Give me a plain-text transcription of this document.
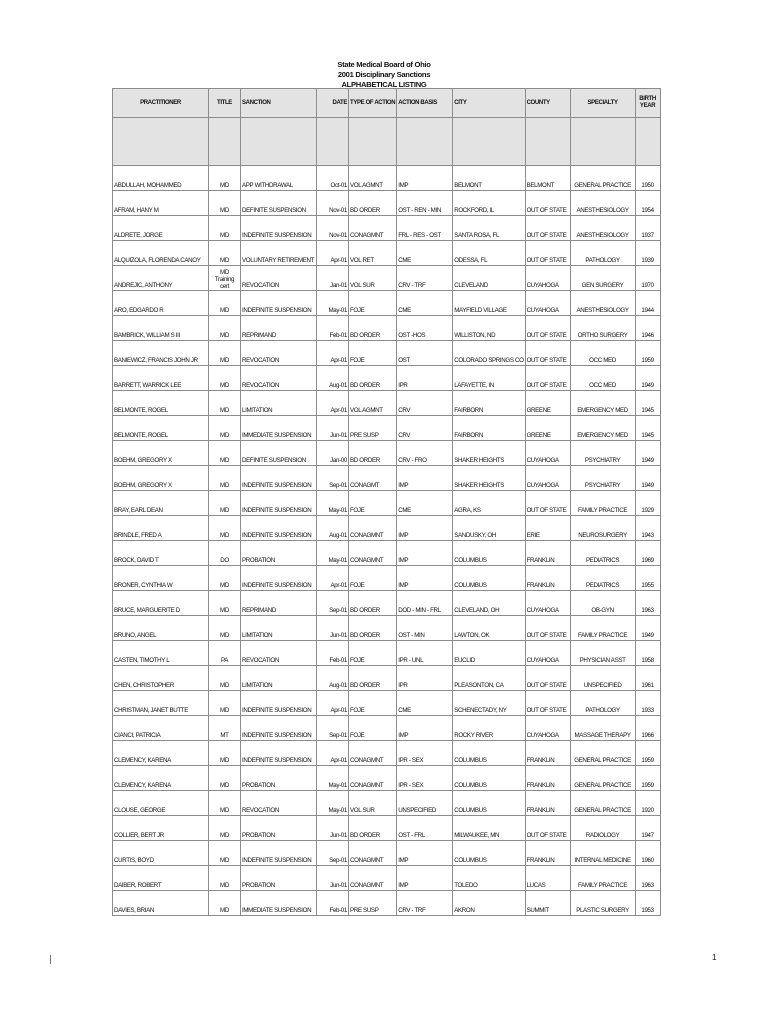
State Medical Board of Ohio
2001 Disciplinary Sanctions
ALPHABETICAL LISTING
PRACTITIONER	TITLE	SANCTION	DATE	TYPE OF ACTION	ACTION BASIS	CITY	COUNTY	SPECIALTY	BIRTH YEAR

ABDULLAH, MOHAMMED	MD	APP WITHDRAWAL	Oct-01	VOL AGMNT	IMP	BELMONT	BELMONT	GENERAL PRACTICE	1950
AFRAM, HANY M	MD	DEFINITE SUSPENSION	Nov-01	BD ORDER	OST - REN - MIN	ROCKFORD, IL	OUT OF STATE	ANESTHESIOLOGY	1954
ALDRETE, JORGE	MD	INDEFINITE SUSPENSION	Nov-01	CONAGMNT	FRL - RES - OST	SANTA ROSA, FL	OUT OF STATE	ANESTHESIOLOGY	1937
ALQUIZOLA, FLORENDA CANOY	MD	VOLUNTARY RETIREMENT	Apr-01	VOL RET	CME	ODESSA, FL	OUT OF STATE	PATHOLOGY	1939
ANDREJIC, ANTHONY	MD Training cert	REVOCATION	Jan-01	VOL SUR	CRV - TRF	CLEVELAND	CUYAHOGA	GEN SURGERY	1970
ARO, EDGARDO R	MD	INDEFINITE SUSPENSION	May-01	FOJE	CME	MAYFIELD VILLAGE	CUYAHOGA	ANESTHESIOLOGY	1944
BAMBRICK, WILLIAM S III	MD	REPRIMAND	Feb-01	BD ORDER	OST -HOS	WILLISTON, ND	OUT OF STATE	ORTHO SURGERY	1946
BANIEWICZ, FRANCIS JOHN JR	MD	REVOCATION	Apr-01	FOJE	OST	COLORADO SPRINGS CO	OUT OF STATE	OCC MED	1959
BARRETT, WARRICK LEE	MD	REVOCATION	Aug-01	BD ORDER	IPR	LAFAYETTE, IN	OUT OF STATE	OCC MED	1949
BELMONTE, ROGEL	MD	LIMITATION	Apr-01	VOL AGMNT	CRV	FAIRBORN	GREENE	EMERGENCY MED	1945
BELMONTE, ROGEL	MD	IMMEDIATE SUSPENSION	Jun-01	PRE SUSP	CRV	FAIRBORN	GREENE	EMERGENCY MED	1945
BOEHM, GREGORY X	MD	DEFINITE SUSPENSION	Jan-00	BD ORDER	CRV - FRO	SHAKER HEIGHTS	CUYAHOGA	PSYCHIATRY	1949
BOEHM, GREGORY X	MD	INDEFINITE SUSPENSION	Sep-01	CONAGMT	IMP	SHAKER HEIGHTS	CUYAHOGA	PSYCHIATRY	1949
BRAY, EARL DEAN	MD	INDEFINITE SUSPENSION	May-01	FOJE	CME	AGRA, KS	OUT OF STATE	FAMILY PRACTICE	1929
BRINDLE, FRED A	MD	INDEFINITE SUSPENSION	Aug-01	CONAGMNT	IMP	SANDUSKY, OH	ERIE	NEUROSURGERY	1943
BROCK, DAVID T	DO	PROBATION	May-01	CONAGMNT	IMP	COLUMBUS	FRANKLIN	PEDIATRICS	1969
BRONER, CYNTHIA W	MD	INDEFINITE SUSPENSION	Apr-01	FOJE	IMP	COLUMBUS	FRANKLIN	PEDIATRICS	1955
BRUCE, MARGUERITE D	MD	REPRIMAND	Sep-01	BD ORDER	DOD - MIN - FRL	CLEVELAND, OH	CUYAHOGA	OB-GYN	1963
BRUNO, ANGEL	MD	LIMITATION	Jun-01	BD ORDER	OST - MIN	LAWTON, OK	OUT OF STATE	FAMILY PRACTICE	1949
CASTEN, TIMOTHY L	PA	REVOCATION	Feb-01	FOJE	IPR - UNL	EUCLID	CUYAHOGA	PHYSICIAN ASST	1958
CHEN, CHRISTOPHER	MD	LIMITATION	Aug-01	BD ORDER	IPR	PLEASONTON, CA	OUT OF STATE	UNSPECIFIED	1961
CHRISTMAN, JANET BUTTE	MD	INDEFINITE SUSPENSION	Apr-01	FOJE	CME	SCHENECTADY, NY	OUT OF STATE	PATHOLOGY	1933
CIANCI, PATRICIA	MT	INDEFINITE SUSPENSION	Sep-01	FOJE	IMP	ROCKY RIVER	CUYAHOGA	MASSAGE THERAPY	1966
CLEMENCY, KARENA	MD	INDEFINITE SUSPENSION	Apr-01	CONAGMNT	IPR - SEX	COLUMBUS	FRANKLIN	GENERAL PRACTICE	1959
CLEMENCY, KARENA	MD	PROBATION	May-01	CONAGMNT	IPR - SEX	COLUMBUS	FRANKLIN	GENERAL PRACTICE	1959
CLOUSE, GEORGE	MD	REVOCATION	May-01	VOL SUR	UNSPECIFIED	COLUMBUS	FRANKLIN	GENERAL PRACTICE	1920
COLLIER, BERT JR	MD	PROBATION	Jun-01	BD ORDER	OST - FRL	MILWAUKEE, MN	OUT OF STATE	RADIOLOGY	1947
CURTIS, BOYD	MD	INDEFINITE SUSPENSION	Sep-01	CONAGMNT	IMP	COLUMBUS	FRANKLIN	INTERNAL MEDICINE	1960
DAIBER, ROBERT	MD	PROBATION	Jun-01	CONAGMNT	IMP	TOLEDO	LUCAS	FAMILY PRACTICE	1963
DAVIES, BRIAN	MD	IMMEDIATE SUSPENSION	Feb-01	PRE SUSP	CRV - TRF	AKRON	SUMMIT	PLASTIC SURGERY	1953
1
